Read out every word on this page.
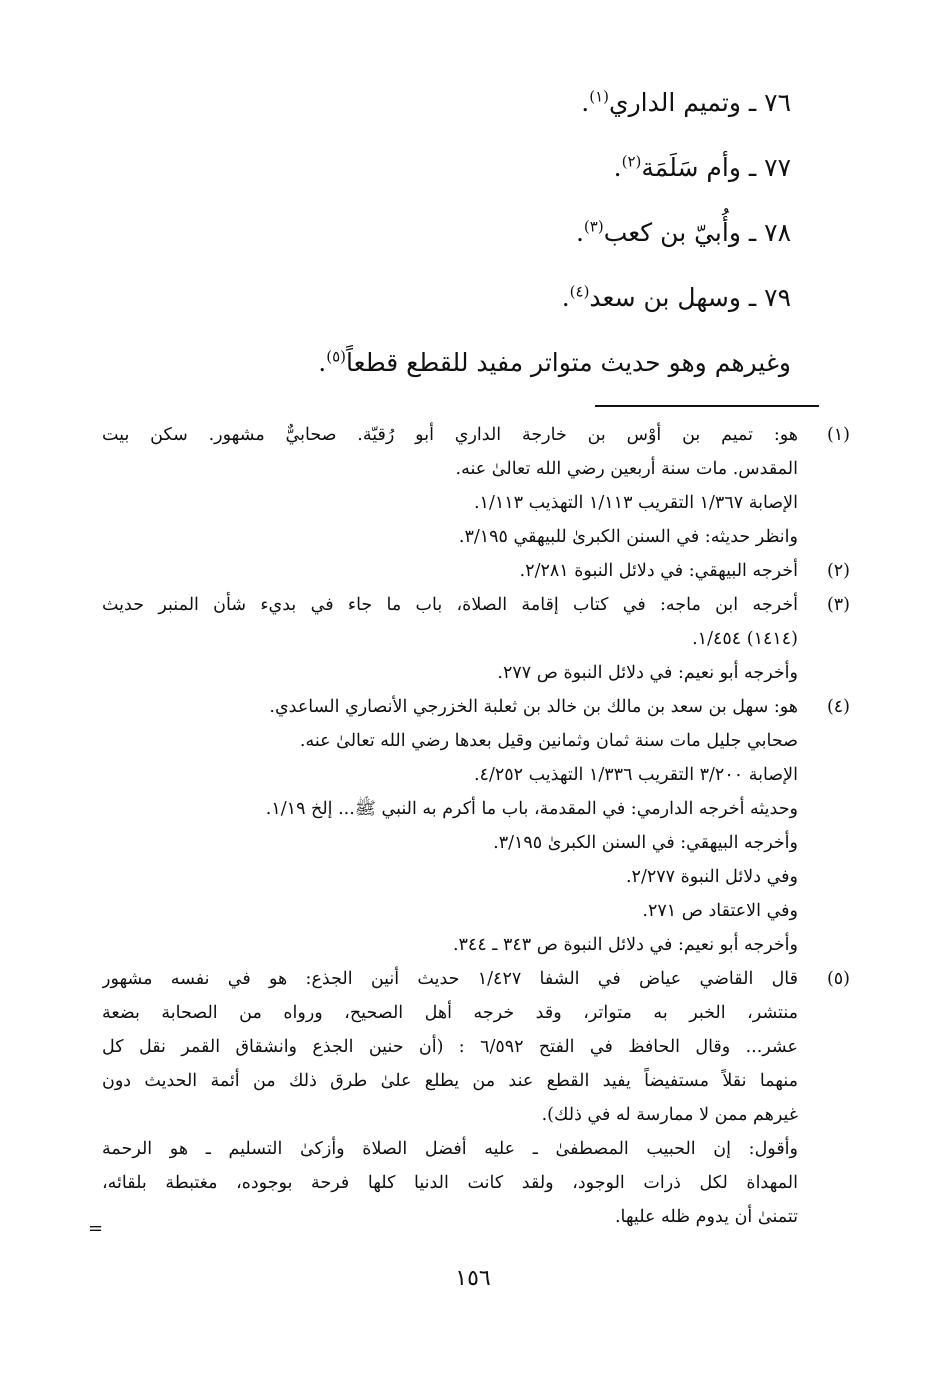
٧٦ ـ وتميم الداري$^{(١)}$.
٧٧ ـ وأم سَلَمَة$^{(٢)}$.
٧٨ ـ وأُبيّ بن كعب$^{(٣)}$.
٧٩ ـ وسهل بن سعد$^{(٤)}$.
وغيرهم وهو حديث متواتر مفيد للقطع قطعاً$^{(٥)}$.
(١)
هو: تميم بن أوْس بن خارجة الداري أبو رُقيّة. صحابيٌّ مشهور. سكن بيت
المقدس. مات سنة أربعين رضي الله تعالىٰ عنه.
الإصابة ١/٣٦٧ التقريب ١/١١٣ التهذيب ١/١١٣.
وانظر حديثه: في السنن الكبرىٰ للبيهقي ٣/١٩٥.
(٢)
أخرجه البيهقي: في دلائل النبوة ٢/٢٨١.
(٣)
أخرجه ابن ماجه: في كتاب إقامة الصلاة، باب ما جاء في بديء شأن المنبر حديث
(١٤١٤) ١/٤٥٤.
وأخرجه أبو نعيم: في دلائل النبوة ص ٢٧٧.
(٤)
هو: سهل بن سعد بن مالك بن خالد بن ثعلبة الخزرجي الأنصاري الساعدي.
صحابي جليل مات سنة ثمان وثمانين وقيل بعدها رضي الله تعالىٰ عنه.
الإصابة ٣/٢٠٠ التقريب ١/٣٣٦ التهذيب ٤/٢٥٢.
وحديثه أخرجه الدارمي: في المقدمة، باب ما أكرم به النبي ﷺ... إلخ ١/١٩.
وأخرجه البيهقي: في السنن الكبرىٰ ٣/١٩٥.
وفي دلائل النبوة ٢/٢٧٧.
وفي الاعتقاد ص ٢٧١.
وأخرجه أبو نعيم: في دلائل النبوة ص ٣٤٣ ـ ٣٤٤.
(٥)
قال القاضي عياض في الشفا ١/٤٢٧ حديث أنين الجذع: هو في نفسه مشهور
منتشر، الخبر به متواتر، وقد خرجه أهل الصحيح، ورواه من الصحابة بضعة
عشر... وقال الحافظ في الفتح ٦/٥٩٢ : (أن حنين الجذع وانشقاق القمر نقل كل
منهما نقلاً مستفيضاً يفيد القطع عند من يطلع علىٰ طرق ذلك من أئمة الحديث دون
غيرهم ممن لا ممارسة له في ذلك).
وأقول: إن الحبيب المصطفىٰ ـ عليه أفضل الصلاة وأزكىٰ التسليم ـ هو الرحمة
المهداة لكل ذرات الوجود، ولقد كانت الدنيا كلها فرحة بوجوده، مغتبطة بلقائه،
تتمنىٰ أن يدوم ظله عليها.
=
١٥٦
